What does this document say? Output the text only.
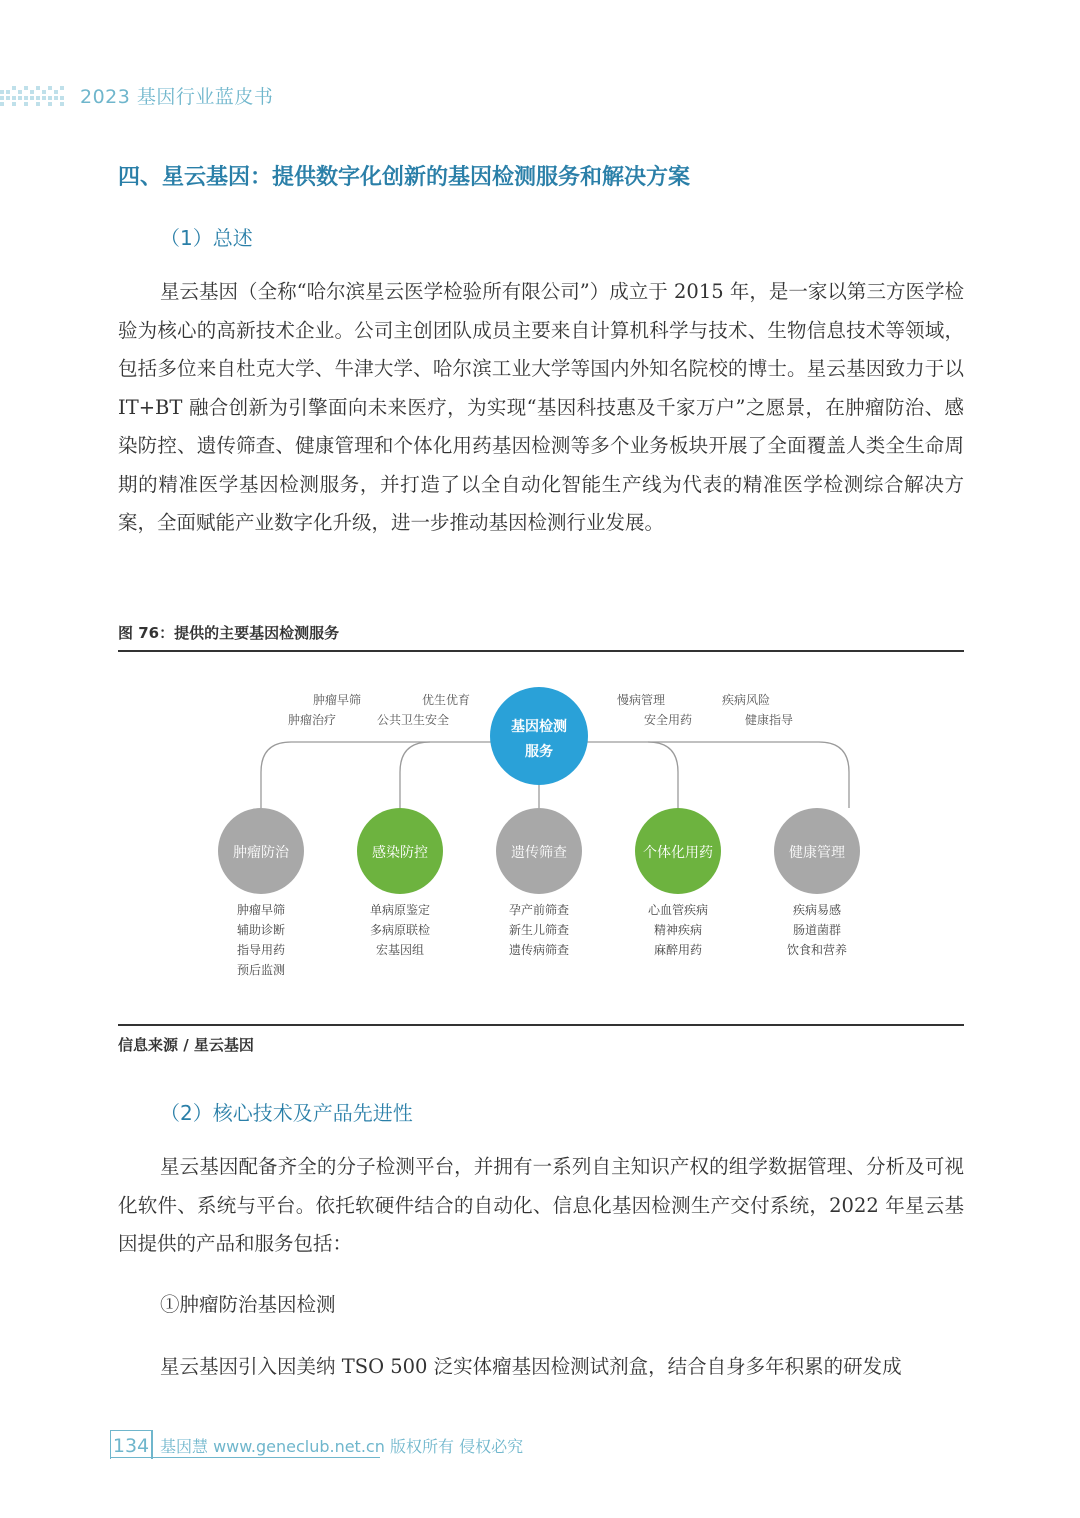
2023 基因行业蓝皮书
四、星云基因：提供数字化创新的基因检测服务和解决方案
（1）总述

星云基因（全称“哈尔滨星云医学检验所有限公司”）成立于 2015 年，是一家以第三方医学检验为核心的高新技术企业。公司主创团队成员主要来自计算机科学与技术、生物信息技术等领域，包括多位来自杜克大学、牛津大学、哈尔滨工业大学等国内外知名院校的博士。星云基因致力于以 IT+BT 融合创新为引擎面向未来医疗，为实现“基因科技惠及千家万户”之愿景，在肿瘤防治、感染防控、遗传筛查、健康管理和个体化用药基因检测等多个业务板块开展了全面覆盖人类全生命周期的精准医学基因检测服务，并打造了以全自动化智能生产线为代表的精准医学检测综合解决方案，全面赋能产业数字化升级，进一步推动基因检测行业发展。

图 76：提供的主要基因检测服务
基因检测
服务
肿瘤早筛	优生优育
肿瘤治疗	公共卫生安全
慢病管理	疾病风险
安全用药	健康指导
肿瘤防治
肿瘤早筛
辅助诊断
指导用药
预后监测
感染防控
单病原鉴定
多病原联检
宏基因组
遗传筛查
孕产前筛查
新生儿筛查
遗传病筛查
个体化用药
心血管疾病
精神疾病
麻醉用药
健康管理
疾病易感
肠道菌群
饮食和营养
信息来源 / 星云基因
（2）核心技术及产品先进性

星云基因配备齐全的分子检测平台，并拥有一系列自主知识产权的组学数据管理、分析及可视化软件、系统与平台。依托软硬件结合的自动化、信息化基因检测生产交付系统，2022 年星云基因提供的产品和服务包括：

①肿瘤防治基因检测

星云基因引入因美纳 TSO 500 泛实体瘤基因检测试剂盒，结合自身多年积累的研发成

134 基因慧 www.geneclub.net.cn 版权所有 侵权必究
